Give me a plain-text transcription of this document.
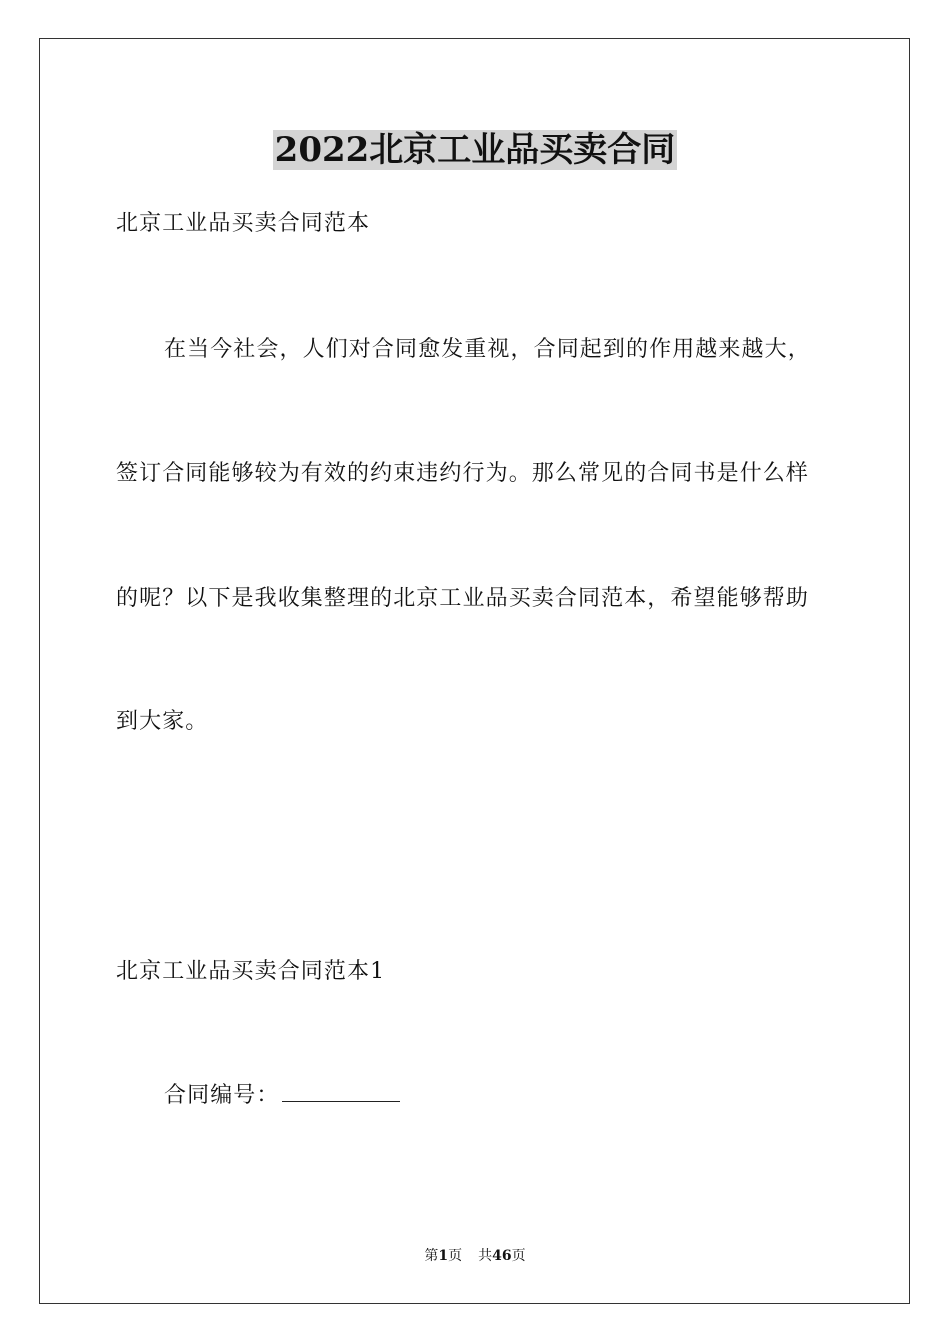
2022北京工业品买卖合同

北京工业品买卖合同范本

在当今社会，人们对合同愈发重视，合同起到的作用越来越大，

签订合同能够较为有效的约束违约行为。那么常见的合同书是什么样

的呢？以下是我收集整理的北京工业品买卖合同范本，希望能够帮助

到大家。

北京工业品买卖合同范本1

合同编号：

第1页 共46页
